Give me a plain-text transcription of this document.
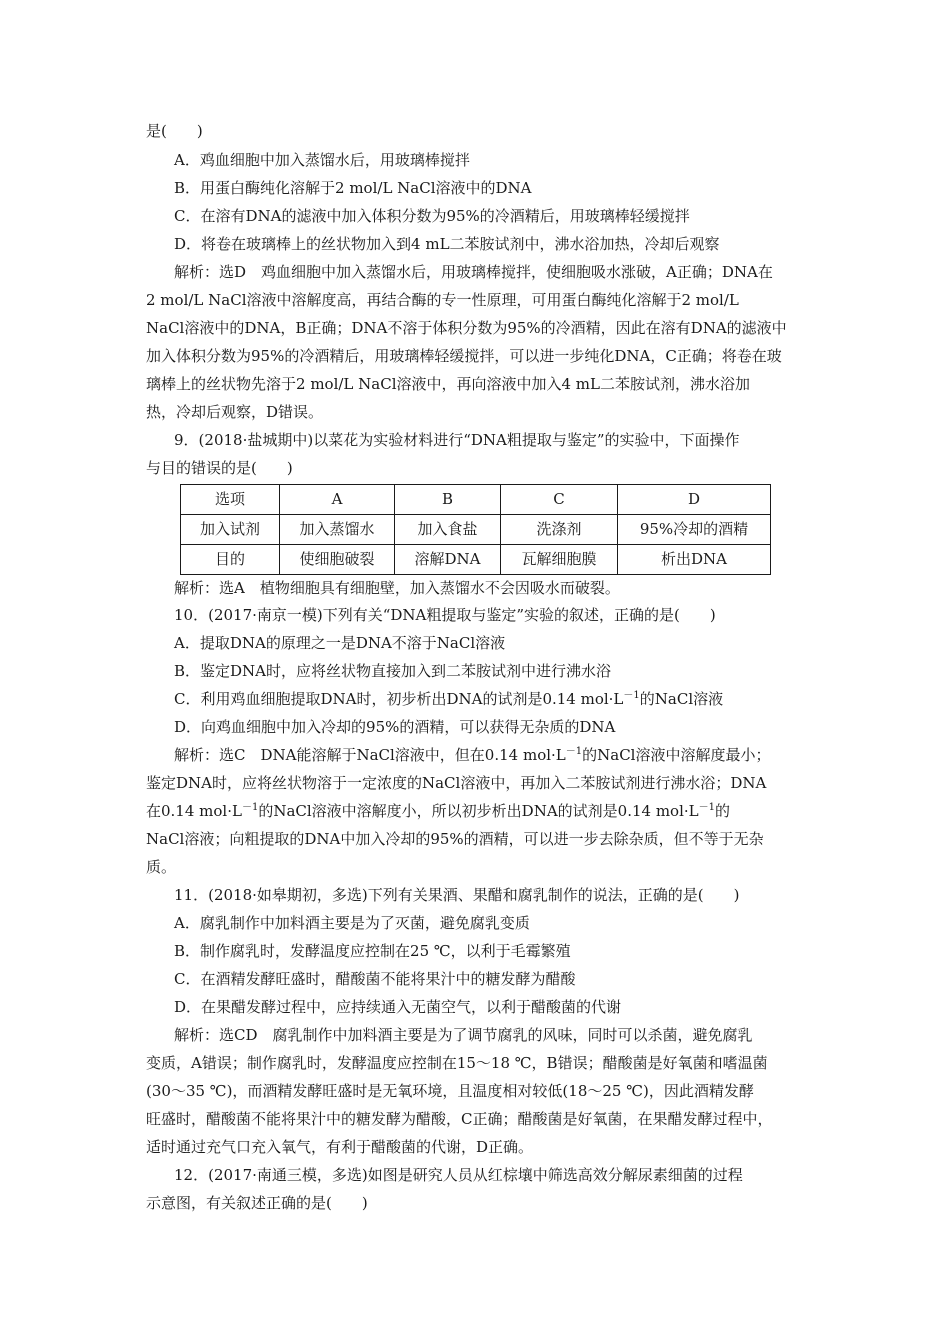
是(　　)
A．鸡血细胞中加入蒸馏水后，用玻璃棒搅拌
B．用蛋白酶纯化溶解于2 mol/L NaCl溶液中的DNA
C．在溶有DNA的滤液中加入体积分数为95%的冷酒精后，用玻璃棒轻缓搅拌
D．将卷在玻璃棒上的丝状物加入到4 mL二苯胺试剂中，沸水浴加热，冷却后观察
解析：选D　鸡血细胞中加入蒸馏水后，用玻璃棒搅拌，使细胞吸水涨破，A正确；DNA在
2 mol/L NaCl溶液中溶解度高，再结合酶的专一性原理，可用蛋白酶纯化溶解于2 mol/L
NaCl溶液中的DNA，B正确；DNA不溶于体积分数为95%的冷酒精，因此在溶有DNA的滤液中
加入体积分数为95%的冷酒精后，用玻璃棒轻缓搅拌，可以进一步纯化DNA，C正确；将卷在玻
璃棒上的丝状物先溶于2 mol/L NaCl溶液中，再向溶液中加入4 mL二苯胺试剂，沸水浴加
热，冷却后观察，D错误。
9．(2018·盐城期中)以菜花为实验材料进行“DNA粗提取与鉴定”的实验中，下面操作
与目的错误的是(　　)
选项	A	B	C	D
加入试剂	加入蒸馏水	加入食盐	洗涤剂	95%冷却的酒精
目的	使细胞破裂	溶解DNA	瓦解细胞膜	析出DNA
解析：选A　植物细胞具有细胞壁，加入蒸馏水不会因吸水而破裂。
10．(2017·南京一模)下列有关“DNA粗提取与鉴定”实验的叙述，正确的是(　　)
A．提取DNA的原理之一是DNA不溶于NaCl溶液
B．鉴定DNA时，应将丝状物直接加入到二苯胺试剂中进行沸水浴
C．利用鸡血细胞提取DNA时，初步析出DNA的试剂是0.14 $mol\cdot L^{-1}$的NaCl溶液
D．向鸡血细胞中加入冷却的95%的酒精，可以获得无杂质的DNA
解析：选C　DNA能溶解于NaCl溶液中，但在0.14 $mol\cdot L^{-1}$的NaCl溶液中溶解度最小；
鉴定DNA时，应将丝状物溶于一定浓度的NaCl溶液中，再加入二苯胺试剂进行沸水浴；DNA
在0.14 $mol\cdot L^{-1}$的NaCl溶液中溶解度小，所以初步析出DNA的试剂是0.14 $mol\cdot L^{-1}$的
NaCl溶液；向粗提取的DNA中加入冷却的95%的酒精，可以进一步去除杂质，但不等于无杂
质。
11．(2018·如皋期初，多选)下列有关果酒、果醋和腐乳制作的说法，正确的是(　　)
A．腐乳制作中加料酒主要是为了灭菌，避免腐乳变质
B．制作腐乳时，发酵温度应控制在25 ℃，以利于毛霉繁殖
C．在酒精发酵旺盛时，醋酸菌不能将果汁中的糖发酵为醋酸
D．在果醋发酵过程中，应持续通入无菌空气，以利于醋酸菌的代谢
解析：选CD　腐乳制作中加料酒主要是为了调节腐乳的风味，同时可以杀菌，避免腐乳
变质，A错误；制作腐乳时，发酵温度应控制在15～18 ℃，B错误；醋酸菌是好氧菌和嗜温菌
(30～35 ℃)，而酒精发酵旺盛时是无氧环境，且温度相对较低(18～25 ℃)，因此酒精发酵
旺盛时，醋酸菌不能将果汁中的糖发酵为醋酸，C正确；醋酸菌是好氧菌，在果醋发酵过程中，
适时通过充气口充入氧气，有利于醋酸菌的代谢，D正确。
12．(2017·南通三模，多选)如图是研究人员从红棕壤中筛选高效分解尿素细菌的过程
示意图，有关叙述正确的是(　　)
